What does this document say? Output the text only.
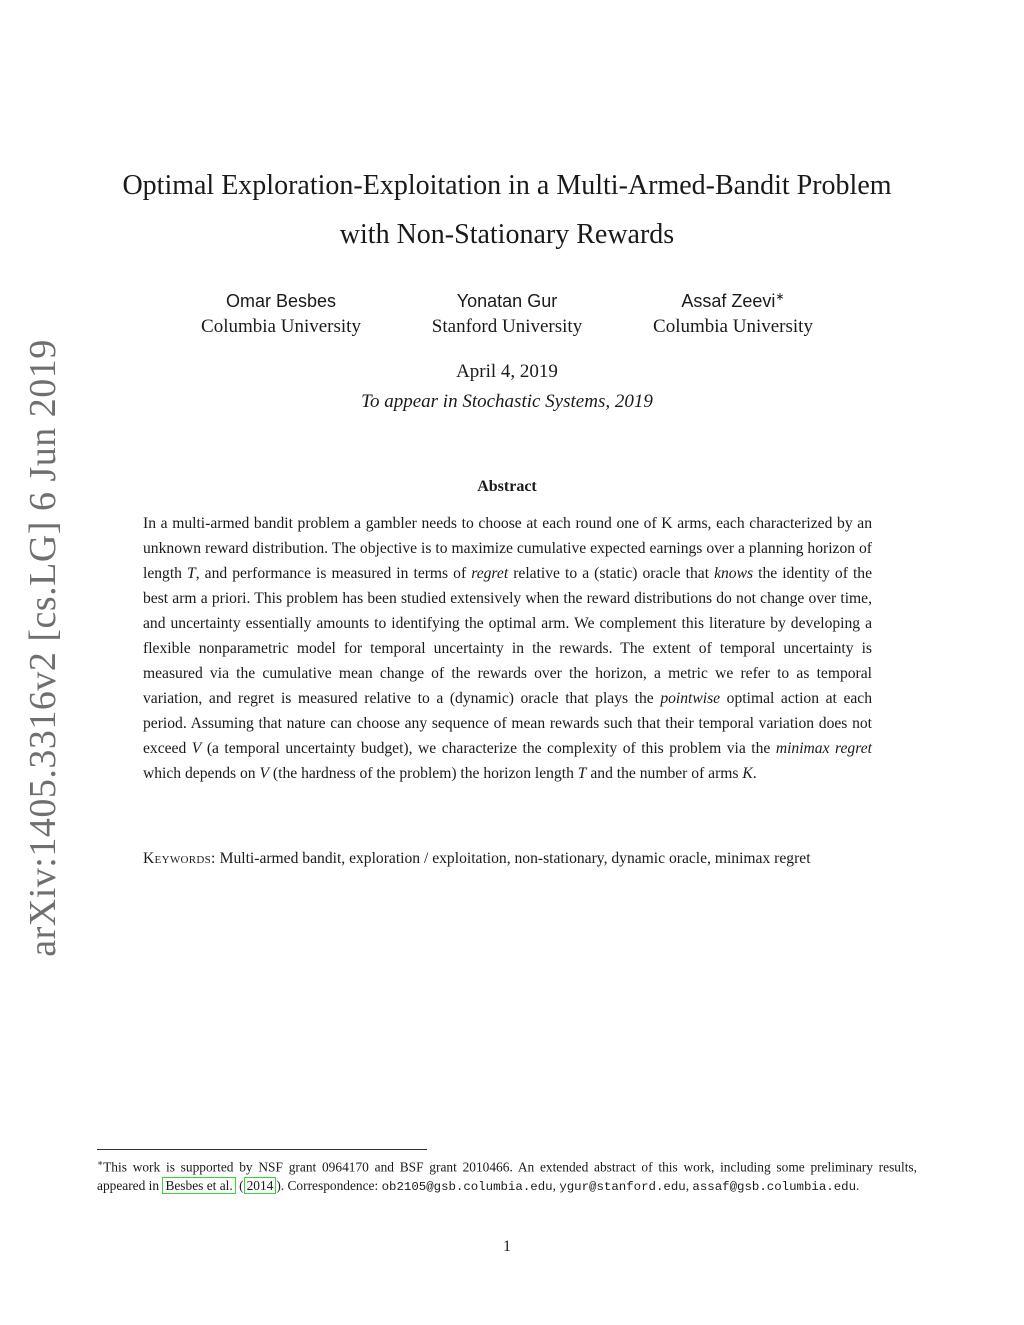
arXiv:1405.3316v2 [cs.LG] 6 Jun 2019
Optimal Exploration-Exploitation in a Multi-Armed-Bandit Problem
with Non-Stationary Rewards
Omar Besbes
Columbia University
Yonatan Gur
Stanford University
Assaf Zeevi∗
Columbia University
April 4, 2019
To appear in Stochastic Systems, 2019
Abstract
In a multi-armed bandit problem a gambler needs to choose at each round one of K arms, each characterized by an unknown reward distribution. The objective is to maximize cumulative expected earnings over a planning horizon of length T, and performance is measured in terms of regret relative to a (static) oracle that knows the identity of the best arm a priori. This problem has been studied extensively when the reward distributions do not change over time, and uncertainty essentially amounts to identifying the optimal arm. We complement this literature by developing a flexible nonparametric model for temporal uncertainty in the rewards. The extent of temporal uncertainty is measured via the cumulative mean change of the rewards over the horizon, a metric we refer to as temporal variation, and regret is measured relative to a (dynamic) oracle that plays the pointwise optimal action at each period. Assuming that nature can choose any sequence of mean rewards such that their temporal variation does not exceed V (a temporal uncertainty budget), we characterize the complexity of this problem via the minimax regret which depends on V (the hardness of the problem) the horizon length T and the number of arms K.
Keywords: Multi-armed bandit, exploration / exploitation, non-stationary, dynamic oracle, minimax regret
∗This work is supported by NSF grant 0964170 and BSF grant 2010466. An extended abstract of this work, including some preliminary results, appeared in Besbes et al. ( 2014 ). Correspondence: ob2105@gsb.columbia.edu, ygur@stanford.edu, assaf@gsb.columbia.edu.
1
